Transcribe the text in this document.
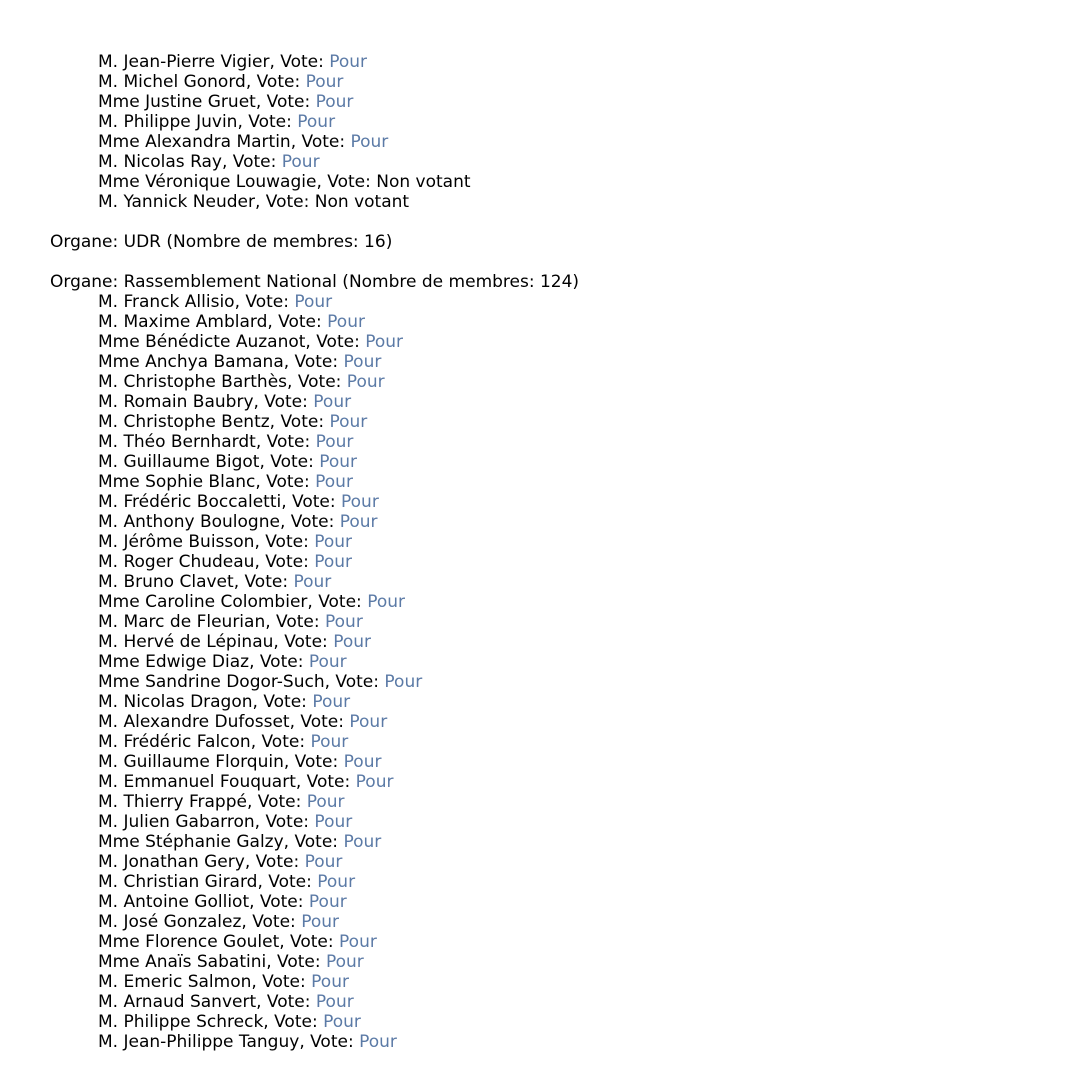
M. Jean-Pierre Vigier, Vote: Pour
M. Michel Gonord, Vote: Pour
Mme Justine Gruet, Vote: Pour
M. Philippe Juvin, Vote: Pour
Mme Alexandra Martin, Vote: Pour
M. Nicolas Ray, Vote: Pour
Mme Véronique Louwagie, Vote: Non votant
M. Yannick Neuder, Vote: Non votant
Organe: UDR (Nombre de membres: 16)
Organe: Rassemblement National (Nombre de membres: 124)
M. Franck Allisio, Vote: Pour
M. Maxime Amblard, Vote: Pour
Mme Bénédicte Auzanot, Vote: Pour
Mme Anchya Bamana, Vote: Pour
M. Christophe Barthès, Vote: Pour
M. Romain Baubry, Vote: Pour
M. Christophe Bentz, Vote: Pour
M. Théo Bernhardt, Vote: Pour
M. Guillaume Bigot, Vote: Pour
Mme Sophie Blanc, Vote: Pour
M. Frédéric Boccaletti, Vote: Pour
M. Anthony Boulogne, Vote: Pour
M. Jérôme Buisson, Vote: Pour
M. Roger Chudeau, Vote: Pour
M. Bruno Clavet, Vote: Pour
Mme Caroline Colombier, Vote: Pour
M. Marc de Fleurian, Vote: Pour
M. Hervé de Lépinau, Vote: Pour
Mme Edwige Diaz, Vote: Pour
Mme Sandrine Dogor-Such, Vote: Pour
M. Nicolas Dragon, Vote: Pour
M. Alexandre Dufosset, Vote: Pour
M. Frédéric Falcon, Vote: Pour
M. Guillaume Florquin, Vote: Pour
M. Emmanuel Fouquart, Vote: Pour
M. Thierry Frappé, Vote: Pour
M. Julien Gabarron, Vote: Pour
Mme Stéphanie Galzy, Vote: Pour
M. Jonathan Gery, Vote: Pour
M. Christian Girard, Vote: Pour
M. Antoine Golliot, Vote: Pour
M. José Gonzalez, Vote: Pour
Mme Florence Goulet, Vote: Pour
Mme Anaïs Sabatini, Vote: Pour
M. Emeric Salmon, Vote: Pour
M. Arnaud Sanvert, Vote: Pour
M. Philippe Schreck, Vote: Pour
M. Jean-Philippe Tanguy, Vote: Pour
